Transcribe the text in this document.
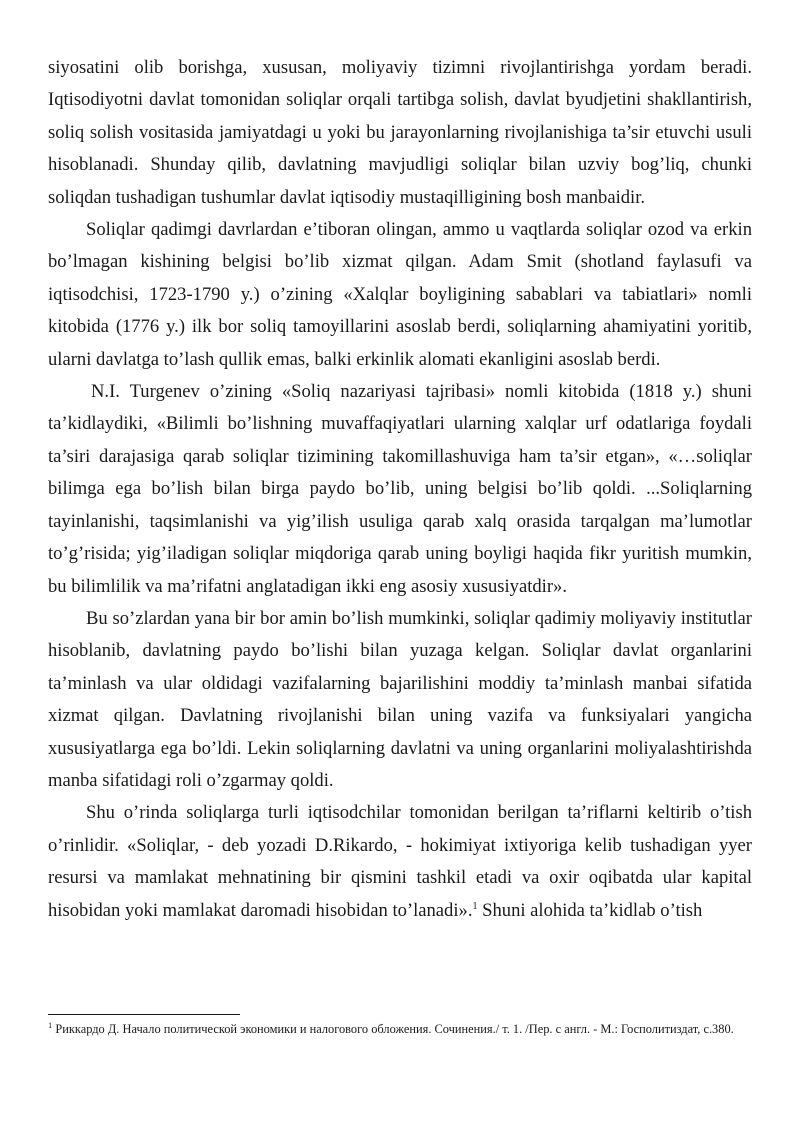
siyosatini olib borishga, xususan, moliyaviy tizimni rivojlantirishga yordam beradi. Iqtisodiyotni davlat tomonidan soliqlar orqali tartibga solish, davlat byudjetini shakllantirish, soliq solish vositasida jamiyatdagi u yoki bu jarayonlarning rivojlanishiga ta’sir etuvchi usuli hisoblanadi. Shunday qilib, davlatning mavjudligi soliqlar bilan uzviy bog’liq, chunki soliqdan tushadigan tushumlar davlat iqtisodiy mustaqilligining bosh manbaidir.

Soliqlar qadimgi davrlardan e’tiboran olingan, ammo u vaqtlarda soliqlar ozod va erkin bo’lmagan kishining belgisi bo’lib xizmat qilgan. Adam Smit (shotland faylasufi va iqtisodchisi, 1723-1790 y.) o’zining «Xalqlar boyligining sabablari va tabiatlari» nomli kitobida (1776 y.) ilk bor soliq tamoyillarini asoslab berdi, soliqlarning ahamiyatini yoritib, ularni davlatga to’lash qullik emas, balki erkinlik alomati ekanligini asoslab berdi.

N.I. Turgenev o’zining «Soliq nazariyasi tajribasi» nomli kitobida (1818 y.) shuni ta’kidlaydiki, «Bilimli bo’lishning muvaffaqiyatlari ularning xalqlar urf odatlariga foydali ta’siri darajasiga qarab soliqlar tizimining takomillashuviga ham ta’sir etgan», «…soliqlar bilimga ega bo’lish bilan birga paydo bo’lib, uning belgisi bo’lib qoldi. ...Soliqlarning tayinlanishi, taqsimlanishi va yig’ilish usuliga qarab xalq orasida tarqalgan ma’lumotlar to’g’risida; yig’iladigan soliqlar miqdoriga qarab uning boyligi haqida fikr yuritish mumkin, bu bilimlilik va ma’rifatni anglatadigan ikki eng asosiy xususiyatdir».

Bu so’zlardan yana bir bor amin bo’lish mumkinki, soliqlar qadimiy moliyaviy institutlar hisoblanib, davlatning paydo bo’lishi bilan yuzaga kelgan. Soliqlar davlat organlarini ta’minlash va ular oldidagi vazifalarning bajarilishini moddiy ta’minlash manbai sifatida xizmat qilgan. Davlatning rivojlanishi bilan uning vazifa va funksiyalari yangicha xususiyatlarga ega bo’ldi. Lekin soliqlarning davlatni va uning organlarini moliyalashtirishda manba sifatidagi roli o’zgarmay qoldi.

Shu o’rinda soliqlarga turli iqtisodchilar tomonidan berilgan ta’riflarni keltirib o’tish o’rinlidir. «Soliqlar, - deb yozadi D.Rikardo, - hokimiyat ixtiyoriga kelib tushadigan yyer resursi va mamlakat mehnatining bir qismini tashkil etadi va oxir oqibatda ular kapital hisobidan yoki mamlakat daromadi hisobidan to’lanadi».$^1$ Shuni alohida ta’kidlab o’tish

$^1$ Риккардо Д. Начало политической экономики и налогового обложения. Сочинения./ т. 1. /Пер. с англ. - М.: Госполитиздат, с.380.
